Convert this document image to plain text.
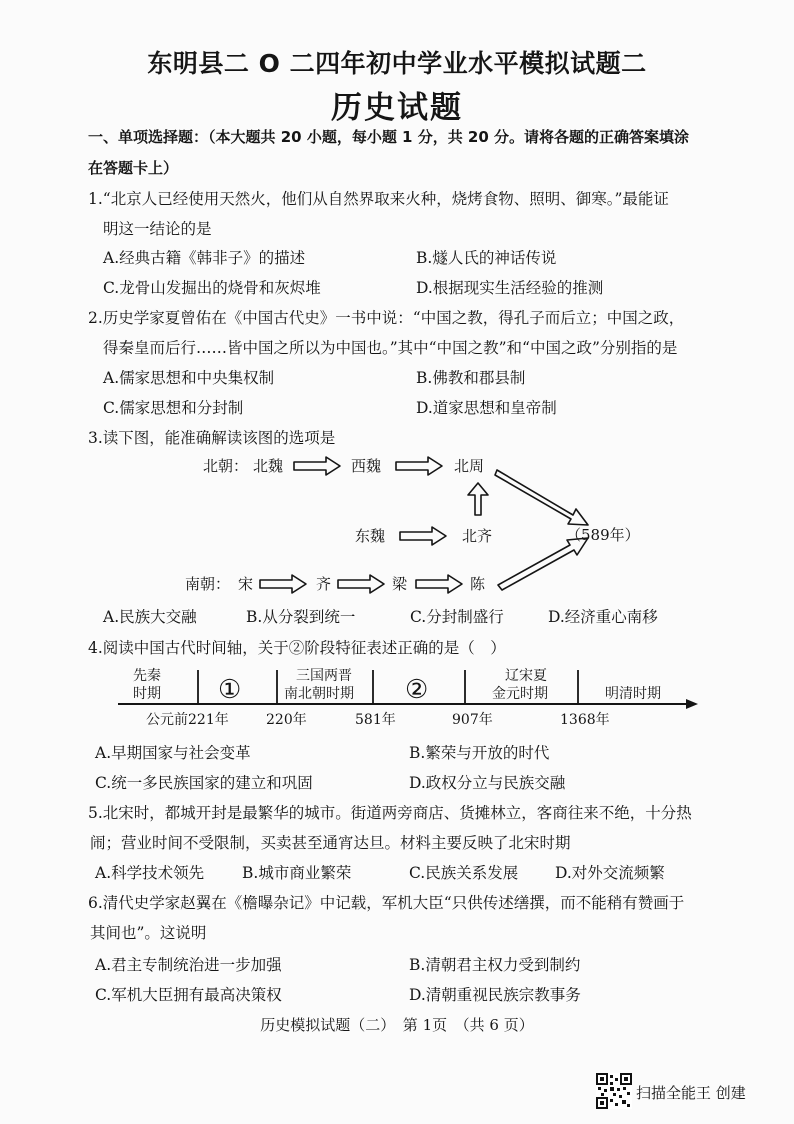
东明县二 O 二四年初中学业水平模拟试题二
历史试题
一、单项选择题：（本大题共 20 小题，每小题 1 分，共 20 分。请将各题的正确答案填涂
在答题卡上）
1.“北京人已经使用天然火，他们从自然界取来火种，烧烤食物、照明、御寒。”最能证
明这一结论的是
A.经典古籍《韩非子》的描述	B.燧人氏的神话传说
C.龙骨山发掘出的烧骨和灰烬堆	D.根据现实生活经验的推测
2.历史学家夏曾佑在《中国古代史》一书中说：“中国之教，得孔子而后立；中国之政，
得秦皇而后行……皆中国之所以为中国也。”其中“中国之教”和“中国之政”分别指的是
A.儒家思想和中央集权制	B.佛教和郡县制
C.儒家思想和分封制	D.道家思想和皇帝制
3.读下图，能准确解读该图的选项是
北朝： 北魏	西魏	北周
东魏	北齐	（589年）
南朝： 宋	齐	梁	陈
A.民族大交融	B.从分裂到统一	C.分封制盛行	D.经济重心南移
4.阅读中国古代时间轴，关于②阶段特征表述正确的是（　）
先秦
时期 ①	三国两晋
南北朝时期 ②	辽宋夏
金元时期	明清时期
公元前221年	220年	581年	907年	1368年
A.早期国家与社会变革	B.繁荣与开放的时代
C.统一多民族国家的建立和巩固	D.政权分立与民族交融
5.北宋时，都城开封是最繁华的城市。街道两旁商店、货摊林立，客商往来不绝，十分热
闹；营业时间不受限制，买卖甚至通宵达旦。材料主要反映了北宋时期
A.科学技术领先 B.城市商业繁荣	C.民族关系发展 D.对外交流频繁
6.清代史学家赵翼在《檐曝杂记》中记载，军机大臣“只供传述缮撰，而不能稍有赞画于
其间也”。这说明
A.君主专制统治进一步加强	B.清朝君主权力受到制约
C.军机大臣拥有最高决策权	D.清朝重视民族宗教事务
历史模拟试题（二）　第 1页　（共 6 页）
扫描全能王 创建
